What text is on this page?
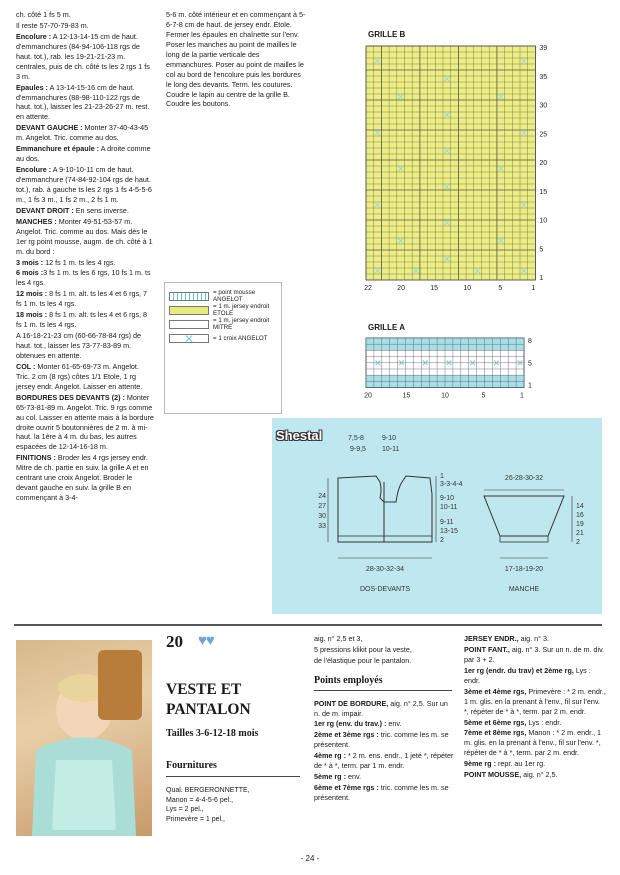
ch. côté 1 fs 5 m.

Il reste 57-70-79-83 m.

Encolure : A 12-13-14-15 cm de haut. d'emmanchures (84-94-106-118 rgs de haut. tot.), rab. les 19-21-21-23 m. centrales, puis de ch. côté ts les 2 rgs 1 fs 3 m.

Epaules : A 13-14-15-16 cm de haut. d'emmanchures (88-98-110-122 rgs de haut. tot.), laisser les 21-23-26-27 m. rest. en attente.

DEVANT GAUCHE : Monter 37-40-43-45 m. Angelot. Tric. comme au dos.

Emmanchure et épaule : A droite comme au dos.

Encolure : A 9-10-10-11 cm de haut. d'emmanchure (74-84-92-104 rgs de haut. tot.), rab. à gauche ts les 2 rgs 1 fs 4-5-5-6 m., 1 fs 3 m., 1 fs 2 m., 2 fs 1 m.

DEVANT DROIT : En sens inverse.

MANCHES : Monter 49-51-53-57 m. Angelot. Tric. comme au dos. Mais dès le 1er rg point mousse, augm. de ch. côté à 1 m. du bord :

3 mois : 12 fs 1 m. ts les 4 rgs.

6 mois :3 fs 1 m. ts les 6 rgs, 10 fs 1 m. ts les 4 rgs.

12 mois : 8 fs 1 m. alt. ts les 4 et 6 rgs, 7 fs 1 m. ts les 4 rgs.

18 mois : 8 fs 1 m. alt. ts les 4 et 6 rgs, 8 fs 1 m. ts les 4 rgs.

A 16-18-21-23 cm (60-66-78-84 rgs) de haut. tot., laisser les 73-77-83-89 m. obtenues en attente.

COL : Monter 61-65-69-73 m. Angelot. Tric. 2 cm (8 rgs) côtes 1/1 Etole, 1 rg jersey endr. Angelot. Laisser en attente.

BORDURES DES DEVANTS (2) : Monter 65-73-81-89 m. Angelot. Tric. 9 rgs comme au col. Laisser en attente mais à la bordure droite ouvrir 5 boutonnières de 2 m. à mi-haut. la 1ère à 4 m. du bas, les autres espacées de 12-14-16-18 m.

FINITIONS : Broder les 4 rgs jersey endr. Mitre de ch. partie en suiv. la grille A et en centrant une croix Angelot. Broder le devant gauche en suiv. la grille B en commençant à 3-4-

5-6 m. côté intérieur et en commençant à 5-6-7-8 cm de haut. de jersey endr. Etole. Fermer les épaules en chaînette sur l'env. Poser les manches au point de mailles le long de la partie verticale des emmanchures. Poser au point de mailles le col au bord de l'encolure puis les bordures le long des devants. Term. les coutures. Coudre le lapin au centre de la grille B. Coudre les boutons.

GRILLE B
✕	✕
✕
✕	✕
✕	✕
✕
✕	✕
✕
✕	✕
✕
✕	✕
✕
✕	✕
✕
✕	✕
39
35
30
25
20
15
10
5
1
22	20	15	10	5	1
= point mousse ANGELOT
= 1 m. jersey endroit ETOLE
= 1 m. jersey endroit MITRE
✕	= 1 croix ANGELOT
GRILLE A
✕ ✕ ✕ ✕ ✕ ✕ ✕
8
5
1
20	15	10	5	1
24
27
30
33
28-30-32-34
DOS-DEVANTS
7,5-8	9-10
9-9,5 10-11
1
3-3-4-4
9-10
10-11
9-11
13-15
2
26-28-30-32
14
16
19
21
2
17-18-19-20
MANCHE
Shestal
20 ♥♥
VESTE ET
PANTALON
Tailles 3-6-12-18 mois
Fournitures
Qual. BERGERONNETTE,
Manon = 4-4-5-6 pel.,
Lys = 2 pel.,
Primevère = 1 pel.,

aig. n° 2,5 et 3,

5 pressions klikit pour la veste,

de l'élastique pour le pantalon.

Points employés

POINT DE BORDURE, aig. n° 2,5. Sur un n. de m. impair.

1er rg (env. du trav.) : env.

2ème et 3ème rgs : tric. comme les m. se présentent.

4ème rg : * 2 m. ens. endr., 1 jeté *, répéter de * à *, term. par 1 m. endr.

5ème rg : env.

6ème et 7ème rgs : tric. comme les m. se présentent.

JERSEY ENDR., aig. n° 3.

POINT FANT., aig. n° 3. Sur un n. de m. div. par 3 + 2.

1er rg (endr. du trav) et 2ème rg, Lys : endr.

3ème et 4ème rgs, Primevère : * 2 m. endr., 1 m. glis. en la prenant à l'env., fil sur l'env. *, répéter de * à *, term. par 2 m. endr.

5ème et 6ème rgs, Lys : endr.

7ème et 8ème rgs, Manon : * 2 m. endr., 1 m. glis. en la prenant à l'env., fil sur l'env. *, répéter de * à *, term. par 2 m. endr.

9ème rg : repr. au 1er rg.

POINT MOUSSE, aig. n° 2,5.

- 24 -
